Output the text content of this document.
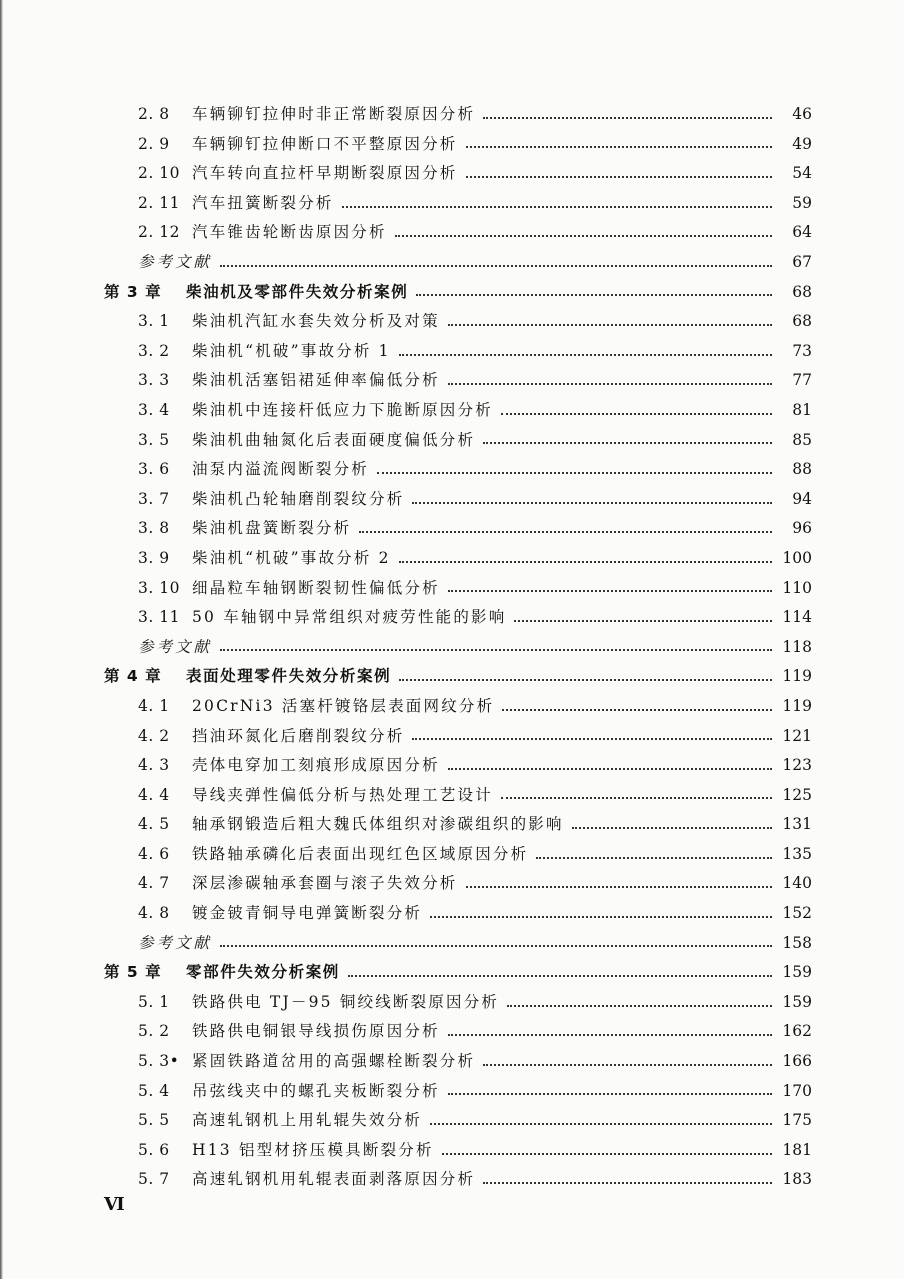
2. 8	车辆铆钉拉伸时非正常断裂原因分析	46
2. 9	车辆铆钉拉伸断口不平整原因分析	49
2. 10 汽车转向直拉杆早期断裂原因分析	54
2. 11 汽车扭簧断裂分析	59
2. 12 汽车锥齿轮断齿原因分析	64
参考文献	67
第 3 章	柴油机及零部件失效分析案例	68
3. 1	柴油机汽缸水套失效分析及对策	68
3. 2	柴油机“机破”事故分析 1	73
3. 3	柴油机活塞铝裙延伸率偏低分析	77
3. 4	柴油机中连接杆低应力下脆断原因分析	81
3. 5	柴油机曲轴氮化后表面硬度偏低分析	85
3. 6	油泵内溢流阀断裂分析	88
3. 7	柴油机凸轮轴磨削裂纹分析	94
3. 8	柴油机盘簧断裂分析	96
3. 9	柴油机“机破”事故分析 2	100
3. 10 细晶粒车轴钢断裂韧性偏低分析	110
3. 11 50 车轴钢中异常组织对疲劳性能的影响	114
参考文献	118
第 4 章	表面处理零件失效分析案例	119
4. 1	20CrNi3 活塞杆镀铬层表面网纹分析	119
4. 2	挡油环氮化后磨削裂纹分析	121
4. 3	壳体电穿加工刻痕形成原因分析	123
4. 4	导线夹弹性偏低分析与热处理工艺设计	125
4. 5	轴承钢锻造后粗大魏氏体组织对渗碳组织的影响	131
4. 6	铁路轴承磷化后表面出现红色区域原因分析	135
4. 7	深层渗碳轴承套圈与滚子失效分析	140
4. 8	镀金铍青铜导电弹簧断裂分析	152
参考文献	158
第 5 章	零部件失效分析案例	159
5. 1	铁路供电 TJ－95 铜绞线断裂原因分析	159
5. 2	铁路供电铜银导线损伤原因分析	162
5. 3• 紧固铁路道岔用的高强螺栓断裂分析	166
5. 4	吊弦线夹中的螺孔夹板断裂分析	170
5. 5	高速轧钢机上用轧辊失效分析	175
5. 6	H13 铝型材挤压模具断裂分析	181
5. 7	高速轧钢机用轧辊表面剥落原因分析	183
Ⅵ
